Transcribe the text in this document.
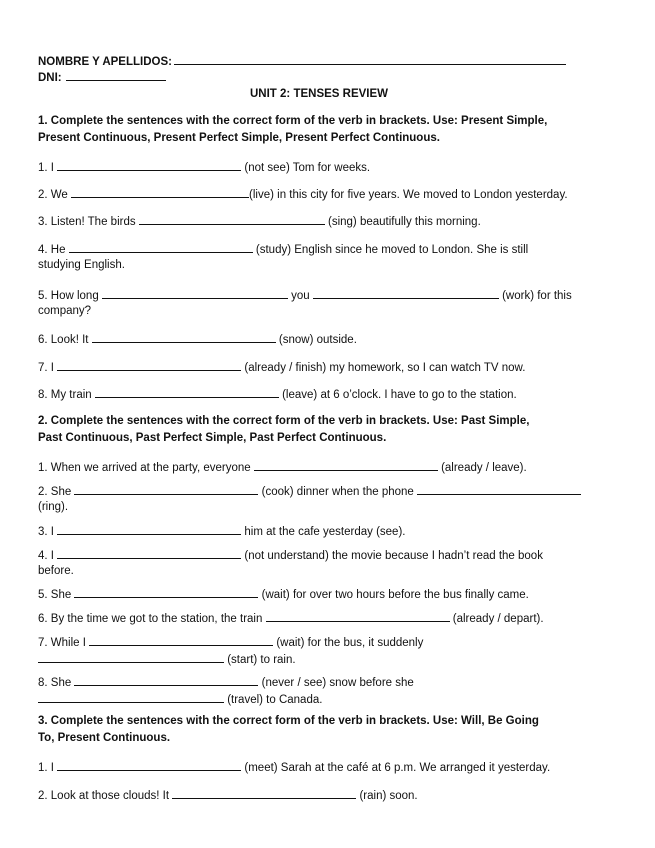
NOMBRE Y APELLIDOS:
DNI:
UNIT 2: TENSES REVIEW
1. Complete the sentences with the correct form of the verb in brackets. Use: Present Simple,
Present Continuous, Present Perfect Simple, Present Perfect Continuous.
1. I	(not see) Tom for weeks.
2. We	(live) in this city for five years. We moved to London yesterday.
3. Listen! The birds	(sing) beautifully this morning.
4. He	(study) English since he moved to London. She is still
studying English.
5. How long	you	(work) for this
company?
6. Look! It	(snow) outside.
7. I	(already / finish) my homework, so I can watch TV now.
8. My train	(leave) at 6 o’clock. I have to go to the station.
2. Complete the sentences with the correct form of the verb in brackets. Use: Past Simple,
Past Continuous, Past Perfect Simple, Past Perfect Continuous.
1. When we arrived at the party, everyone	(already / leave).
2. She	(cook) dinner when the phone
(ring).
3. I	him at the cafe yesterday (see).
4. I	(not understand) the movie because I hadn’t read the book
before.
5. She	(wait) for over two hours before the bus finally came.
6. By the time we got to the station, the train	(already / depart).
7. While I	(wait) for the bus, it suddenly
(start) to rain.
8. She	(never / see) snow before she
(travel) to Canada.
3. Complete the sentences with the correct form of the verb in brackets. Use: Will, Be Going
To, Present Continuous.
1. I	(meet) Sarah at the café at 6 p.m. We arranged it yesterday.
2. Look at those clouds! It	(rain) soon.
